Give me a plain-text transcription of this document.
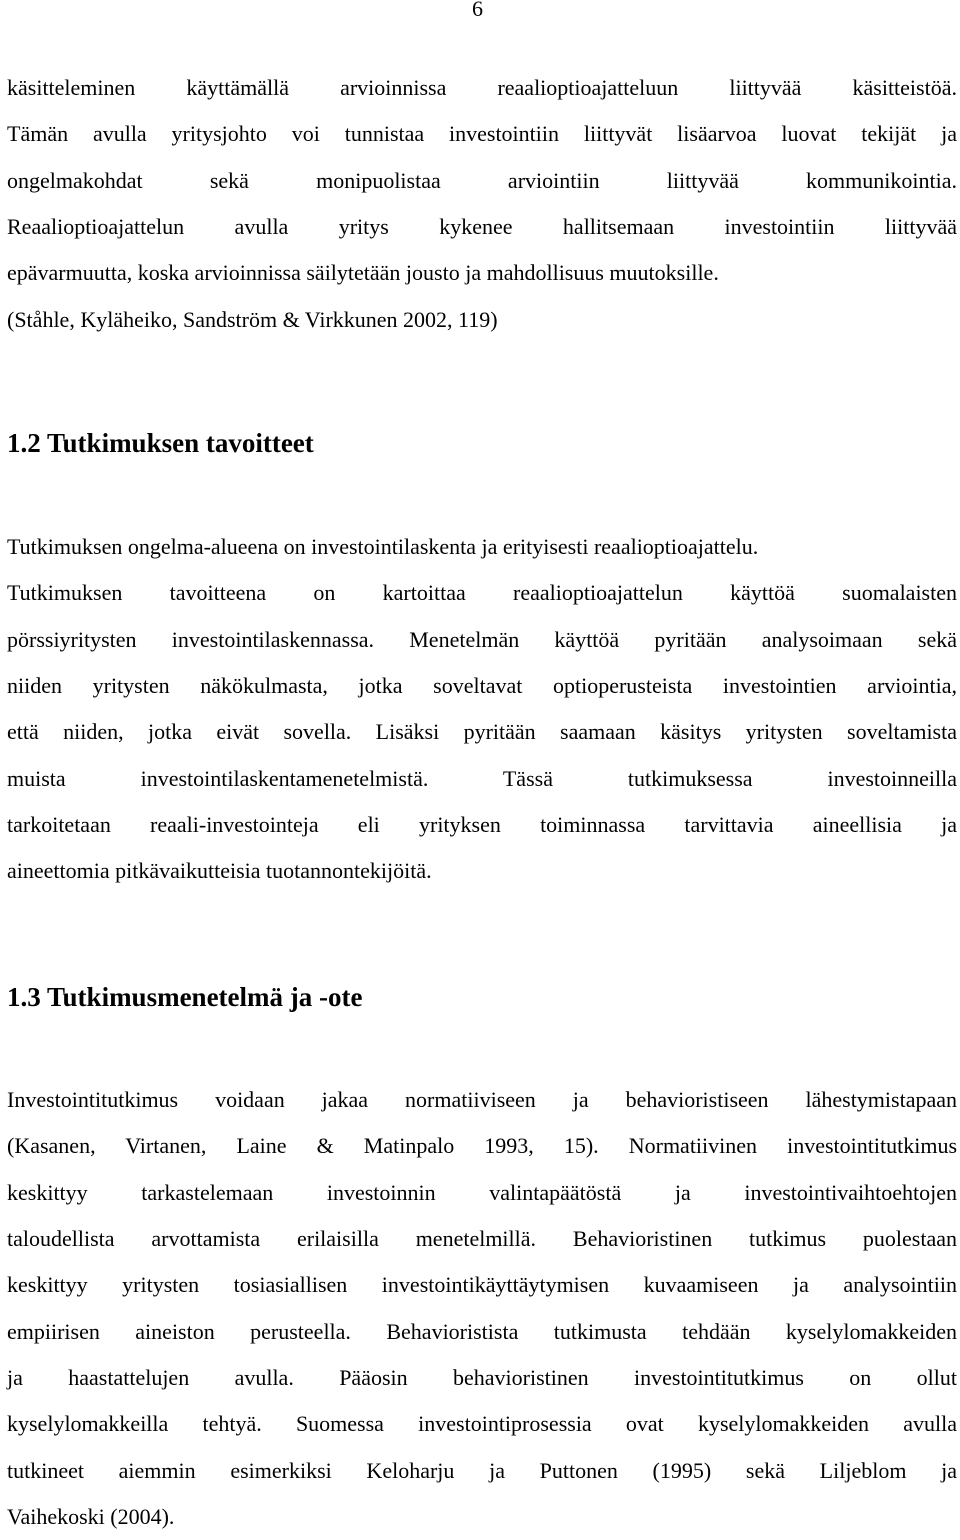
6
käsitteleminen käyttämällä arvioinnissa reaalioptioajatteluun liittyvää käsitteistöä.
Tämän avulla yritysjohto voi tunnistaa investointiin liittyvät lisäarvoa luovat tekijät ja
ongelmakohdat sekä monipuolistaa arviointiin liittyvää kommunikointia.
Reaalioptioajattelun avulla yritys kykenee hallitsemaan investointiin liittyvää
epävarmuutta, koska arvioinnissa säilytetään jousto ja mahdollisuus muutoksille.
(Ståhle, Kyläheiko, Sandström & Virkkunen 2002, 119)
1.2 Tutkimuksen tavoitteet
Tutkimuksen ongelma-alueena on investointilaskenta ja erityisesti reaalioptioajattelu.
Tutkimuksen tavoitteena on kartoittaa reaalioptioajattelun käyttöä suomalaisten
pörssiyritysten investointilaskennassa. Menetelmän käyttöä pyritään analysoimaan sekä
niiden yritysten näkökulmasta, jotka soveltavat optioperusteista investointien arviointia,
että niiden, jotka eivät sovella. Lisäksi pyritään saamaan käsitys yritysten soveltamista
muista investointilaskentamenetelmistä. Tässä tutkimuksessa investoinneilla
tarkoitetaan reaali-investointeja eli yrityksen toiminnassa tarvittavia aineellisia ja
aineettomia pitkävaikutteisia tuotannontekijöitä.
1.3 Tutkimusmenetelmä ja -ote
Investointitutkimus voidaan jakaa normatiiviseen ja behavioristiseen lähestymistapaan
(Kasanen, Virtanen, Laine & Matinpalo 1993, 15). Normatiivinen investointitutkimus
keskittyy tarkastelemaan investoinnin valintapäätöstä ja investointivaihtoehtojen
taloudellista arvottamista erilaisilla menetelmillä. Behavioristinen tutkimus puolestaan
keskittyy yritysten tosiasiallisen investointikäyttäytymisen kuvaamiseen ja analysointiin
empiirisen aineiston perusteella. Behavioristista tutkimusta tehdään kyselylomakkeiden
ja haastattelujen avulla. Pääosin behavioristinen investointitutkimus on ollut
kyselylomakkeilla tehtyä. Suomessa investointiprosessia ovat kyselylomakkeiden avulla
tutkineet aiemmin esimerkiksi Keloharju ja Puttonen (1995) sekä Liljeblom ja
Vaihekoski (2004).
